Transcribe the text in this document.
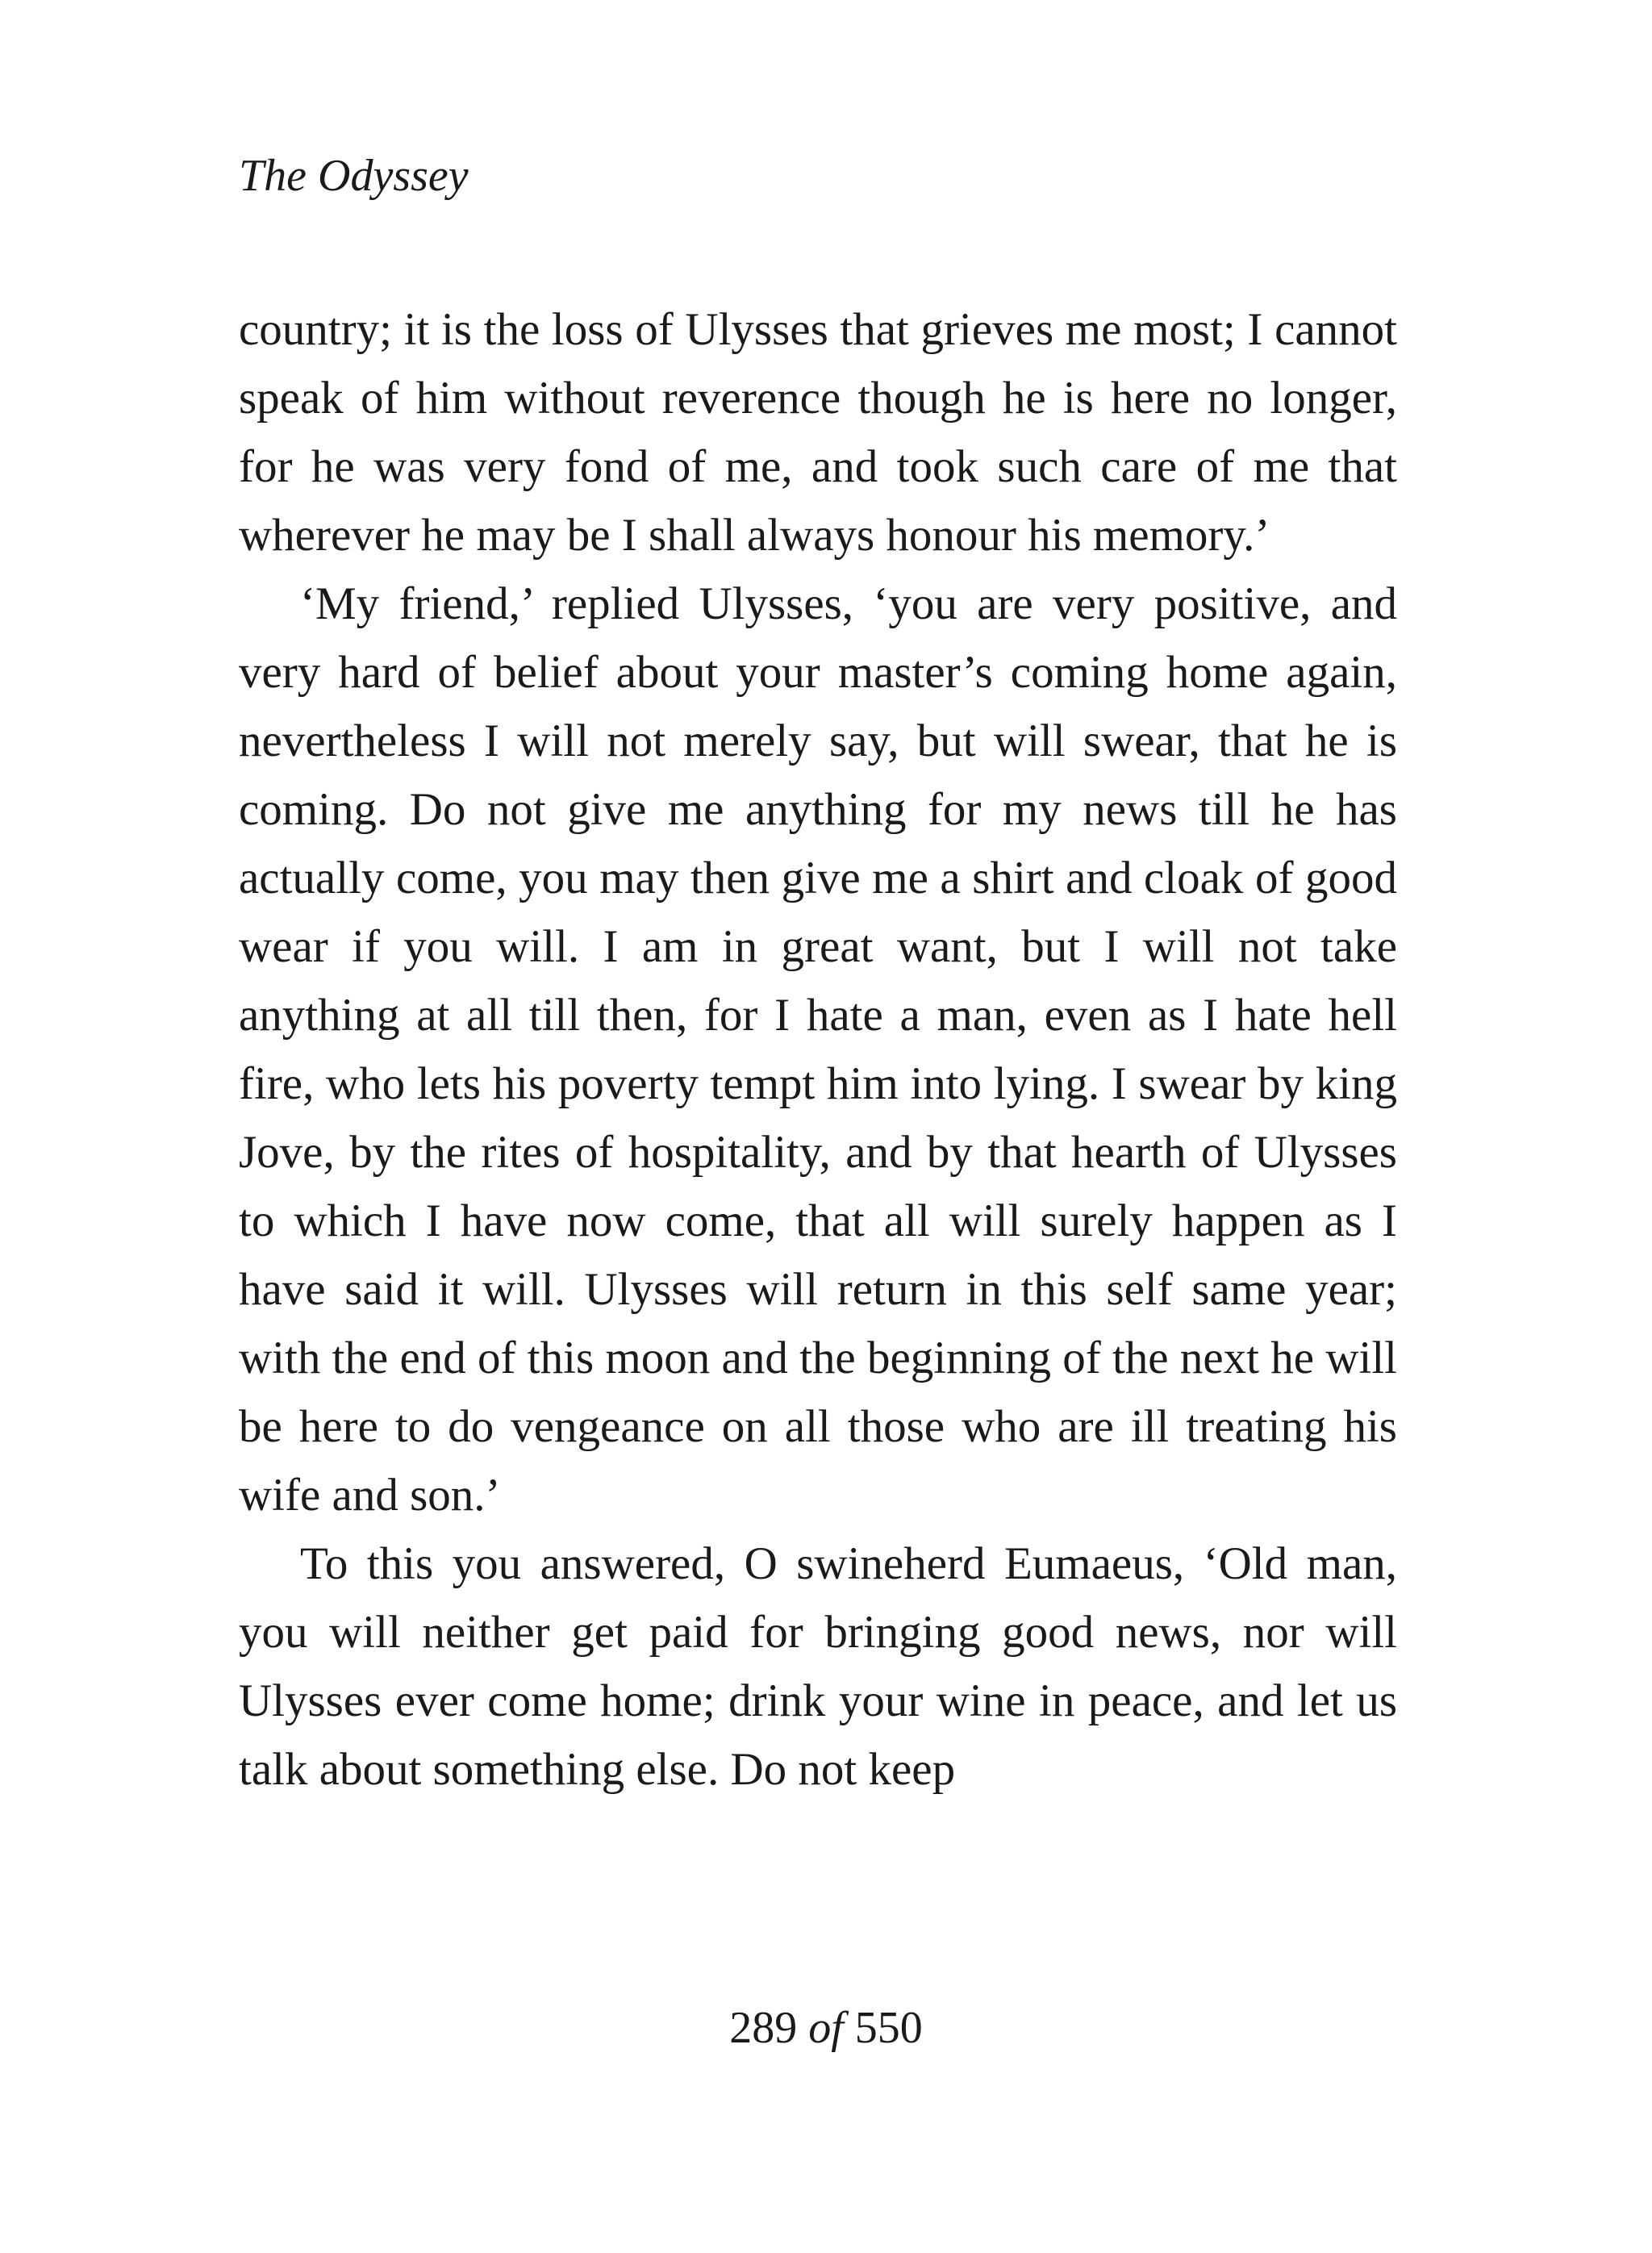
The Odyssey

country; it is the loss of Ulysses that grieves me most; I cannot speak of him without reverence though he is here no longer, for he was very fond of me, and took such care of me that wherever he may be I shall always honour his memory.’

‘My friend,’ replied Ulysses, ‘you are very positive, and very hard of belief about your master’s coming home again, nevertheless I will not merely say, but will swear, that he is coming. Do not give me anything for my news till he has actually come, you may then give me a shirt and cloak of good wear if you will. I am in great want, but I will not take anything at all till then, for I hate a man, even as I hate hell fire, who lets his poverty tempt him into lying. I swear by king Jove, by the rites of hospitality, and by that hearth of Ulysses to which I have now come, that all will surely happen as I have said it will. Ulysses will return in this self same year; with the end of this moon and the beginning of the next he will be here to do vengeance on all those who are ill treating his wife and son.’

To this you answered, O swineherd Eumaeus, ‘Old man, you will neither get paid for bringing good news, nor will Ulysses ever come home; drink your wine in peace, and let us talk about something else. Do not keep

289 of 550
